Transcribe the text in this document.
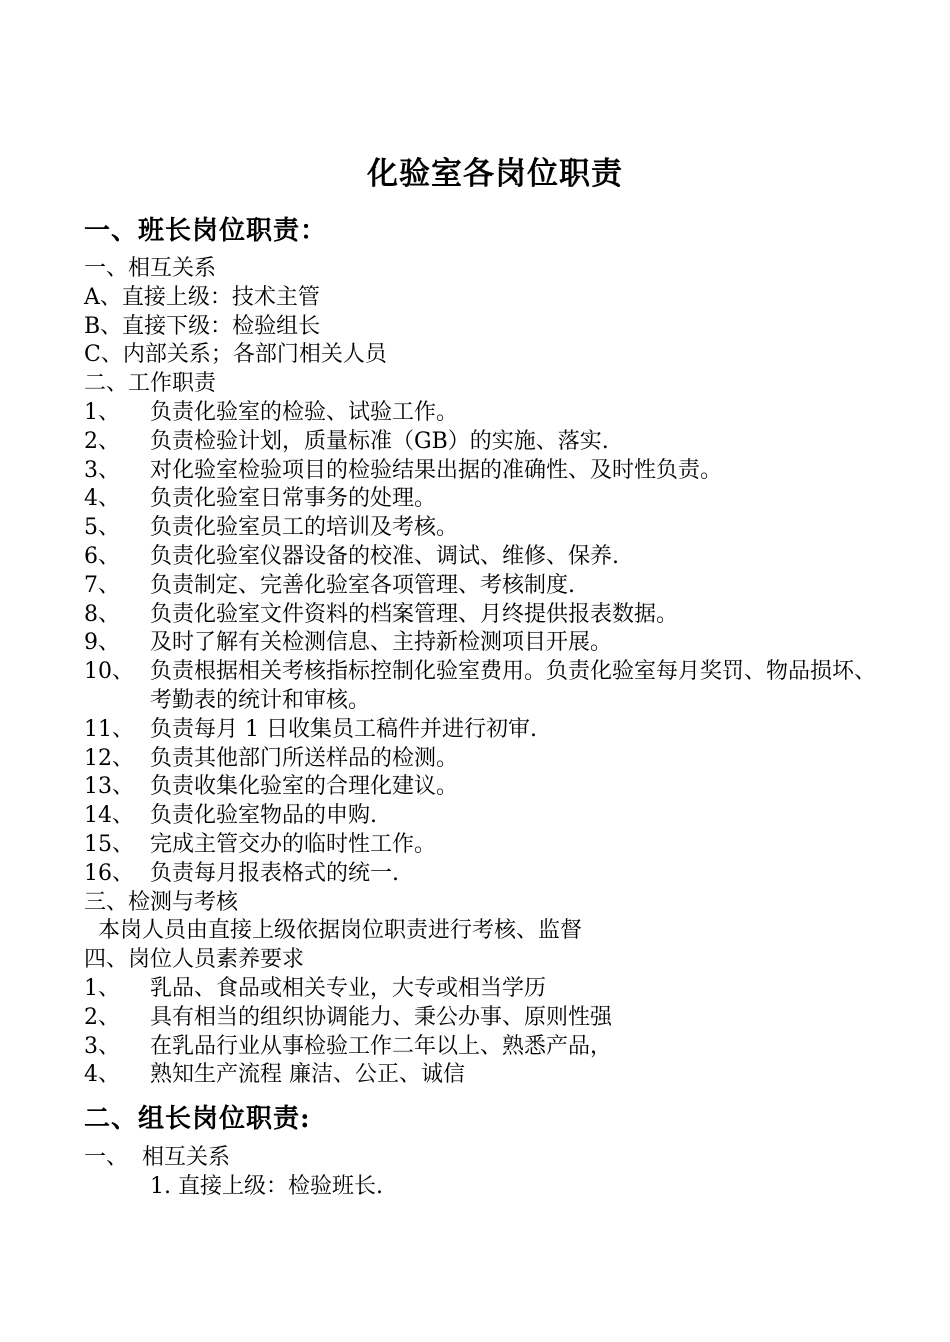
化验室各岗位职责
一、班长岗位职责：
一、相互关系
A、直接上级：技术主管
B、直接下级：检验组长
C、内部关系；各部门相关人员
二、工作职责
1、	负责化验室的检验、试验工作。
2、	负责检验计划，质量标准（GB）的实施、落实.
3、	对化验室检验项目的检验结果出据的准确性、及时性负责。
4、	负责化验室日常事务的处理。
5、	负责化验室员工的培训及考核。
6、	负责化验室仪器设备的校准、调试、维修、保养.
7、	负责制定、完善化验室各项管理、考核制度.
8、	负责化验室文件资料的档案管理、月终提供报表数据。
9、	及时了解有关检测信息、主持新检测项目开展。
10、 负责根据相关考核指标控制化验室费用。负责化验室每月奖罚、物品损坏、考勤表的统计和审核。
11、 负责每月 1 日收集员工稿件并进行初审.
12、 负责其他部门所送样品的检测。
13、 负责收集化验室的合理化建议。
14、 负责化验室物品的申购.
15、 完成主管交办的临时性工作。
16、 负责每月报表格式的统一.
三、检测与考核
本岗人员由直接上级依据岗位职责进行考核、监督
四、岗位人员素养要求
1、	乳品、食品或相关专业，大专或相当学历
2、	具有相当的组织协调能力、秉公办事、原则性强
3、	在乳品行业从事检验工作二年以上、熟悉产品，
4、	熟知生产流程 廉洁、公正、诚信
二、组长岗位职责:
一、 相互关系
1. 直接上级：检验班长.
